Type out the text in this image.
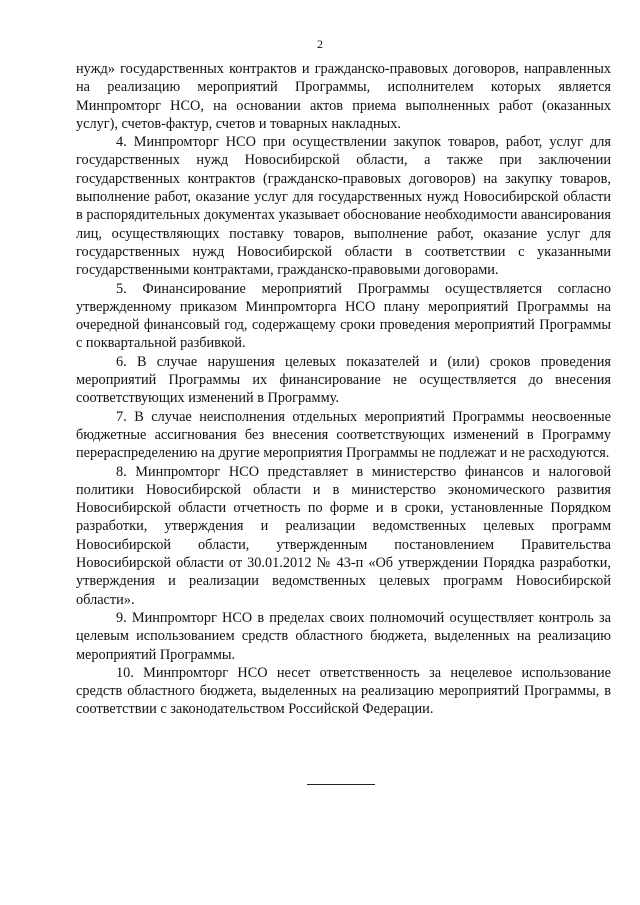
2

нужд» государственных контрактов и гражданско-правовых договоров, направленных на реализацию мероприятий Программы, исполнителем которых является Минпромторг НСО, на основании актов приема выполненных работ (оказанных услуг), счетов-фактур, счетов и товарных накладных.

4. Минпромторг НСО при осуществлении закупок товаров, работ, услуг для государственных нужд Новосибирской области, а также при заключении государственных контрактов (гражданско-правовых договоров) на закупку товаров, выполнение работ, оказание услуг для государственных нужд Новосибирской области в распорядительных документах указывает обоснование необходимости авансирования лиц, осуществляющих поставку товаров, выполнение работ, оказание услуг для государственных нужд Новосибирской области в соответствии с указанными государственными контрактами, гражданско-правовыми договорами.

5. Финансирование мероприятий Программы осуществляется согласно утвержденному приказом Минпромторга НСО плану мероприятий Программы на очередной финансовый год, содержащему сроки проведения мероприятий Программы с поквартальной разбивкой.

6. В случае нарушения целевых показателей и (или) сроков проведения мероприятий Программы их финансирование не осуществляется до внесения соответствующих изменений в Программу.

7. В случае неисполнения отдельных мероприятий Программы неосвоенные бюджетные ассигнования без внесения соответствующих изменений в Программу перераспределению на другие мероприятия Программы не подлежат и не расходуются.

8. Минпромторг НСО представляет в министерство финансов и налоговой политики Новосибирской области и в министерство экономического развития Новосибирской области отчетность по форме и в сроки, установленные Порядком разработки, утверждения и реализации ведомственных целевых программ Новосибирской области, утвержденным постановлением Правительства Новосибирской области от 30.01.2012 № 43-п «Об утверждении Порядка разработки, утверждения и реализации ведомственных целевых программ Новосибирской области».

9. Минпромторг НСО в пределах своих полномочий осуществляет контроль за целевым использованием средств областного бюджета, выделенных на реализацию мероприятий Программы.

10. Минпромторг НСО несет ответственность за нецелевое использование средств областного бюджета, выделенных на реализацию мероприятий Программы, в соответствии с законодательством Российской Федерации.
